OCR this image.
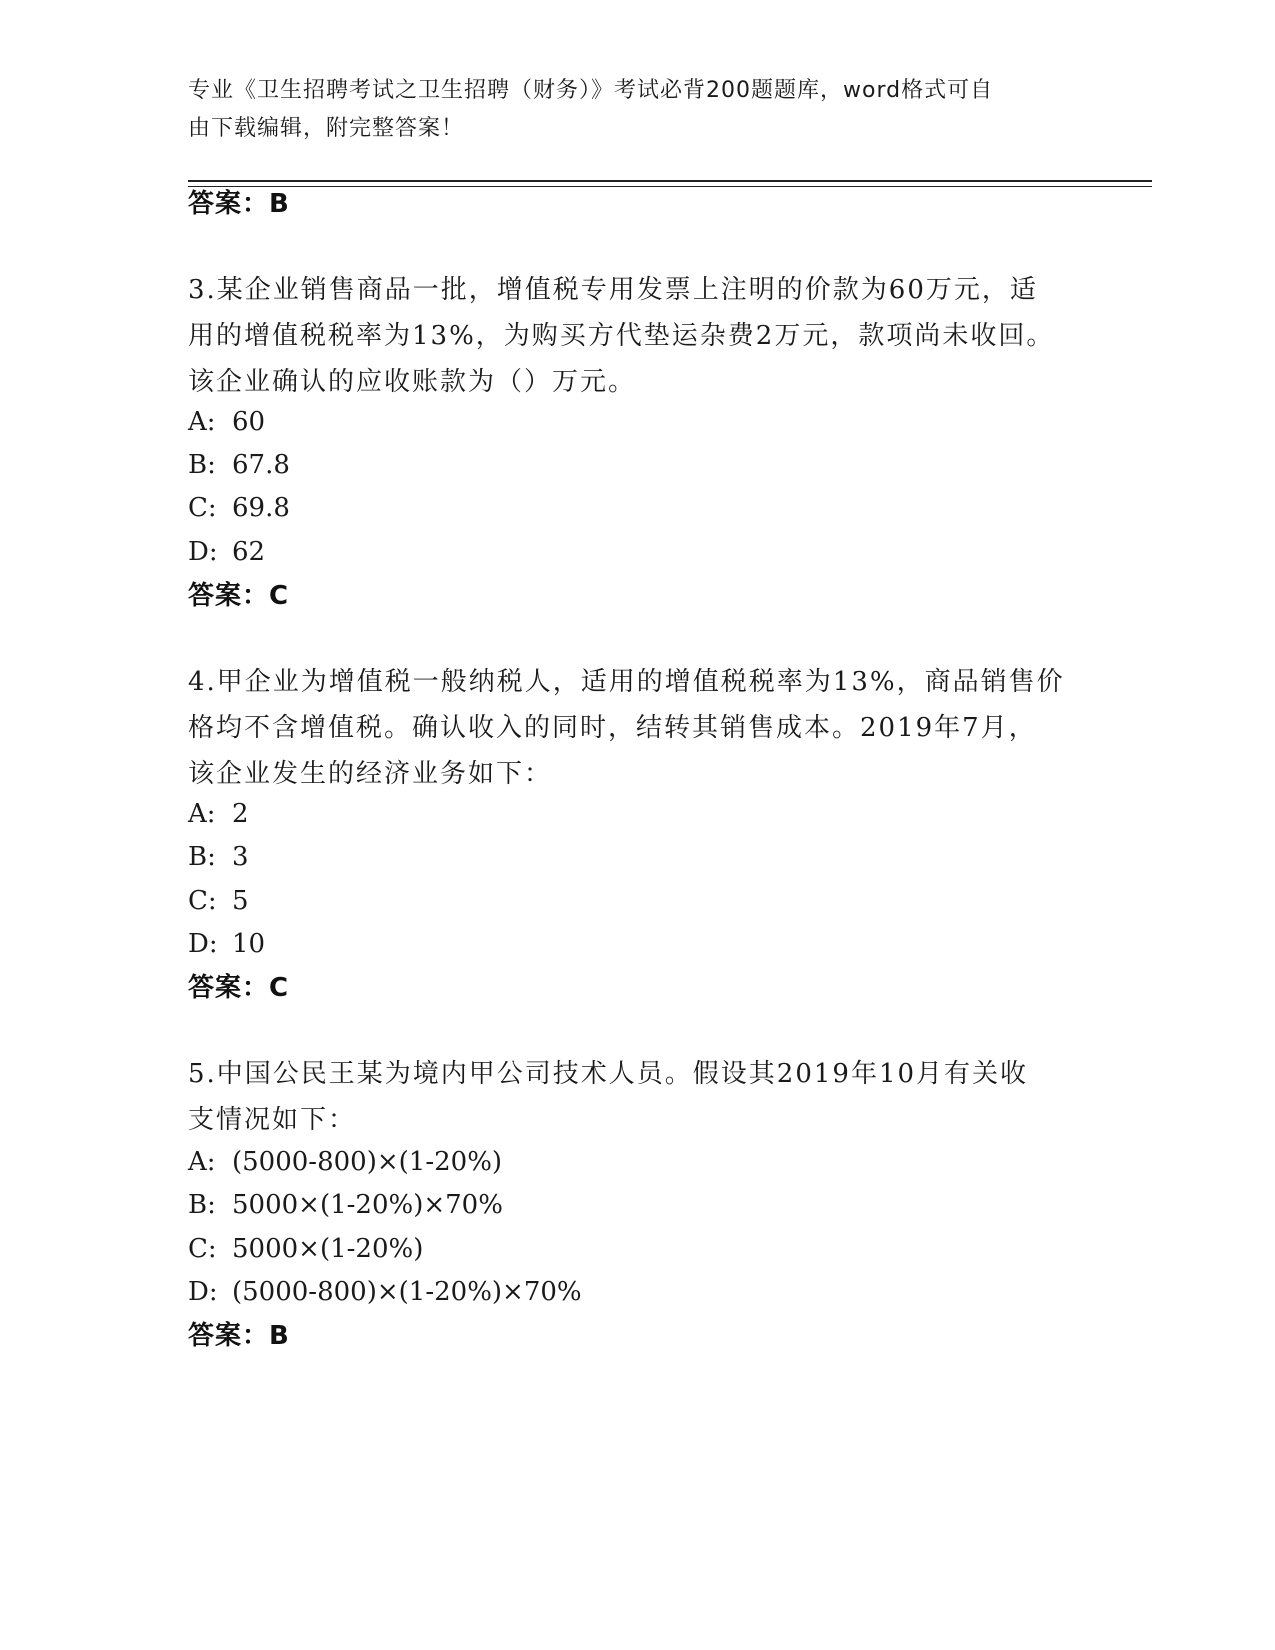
专业《卫生招聘考试之卫生招聘（财务）》考试必背200题题库，word格式可自
由下载编辑，附完整答案！
答案：B
3.某企业销售商品一批，增值税专用发票上注明的价款为60万元，适
用的增值税税率为13%，为购买方代垫运杂费2万元，款项尚未收回。
该企业确认的应收账款为（）万元。
A: 60
B: 67.8
C: 69.8
D: 62
答案：C
4.甲企业为增值税一般纳税人，适用的增值税税率为13%，商品销售价
格均不含增值税。确认收入的同时，结转其销售成本。2019年7月，
该企业发生的经济业务如下：
A: 2
B: 3
C: 5
D: 10
答案：C
5.中国公民王某为境内甲公司技术人员。假设其2019年10月有关收
支情况如下：
A: (5000-800)×(1-20%)
B: 5000×(1-20%)×70%
C: 5000×(1-20%)
D: (5000-800)×(1-20%)×70%
答案：B
